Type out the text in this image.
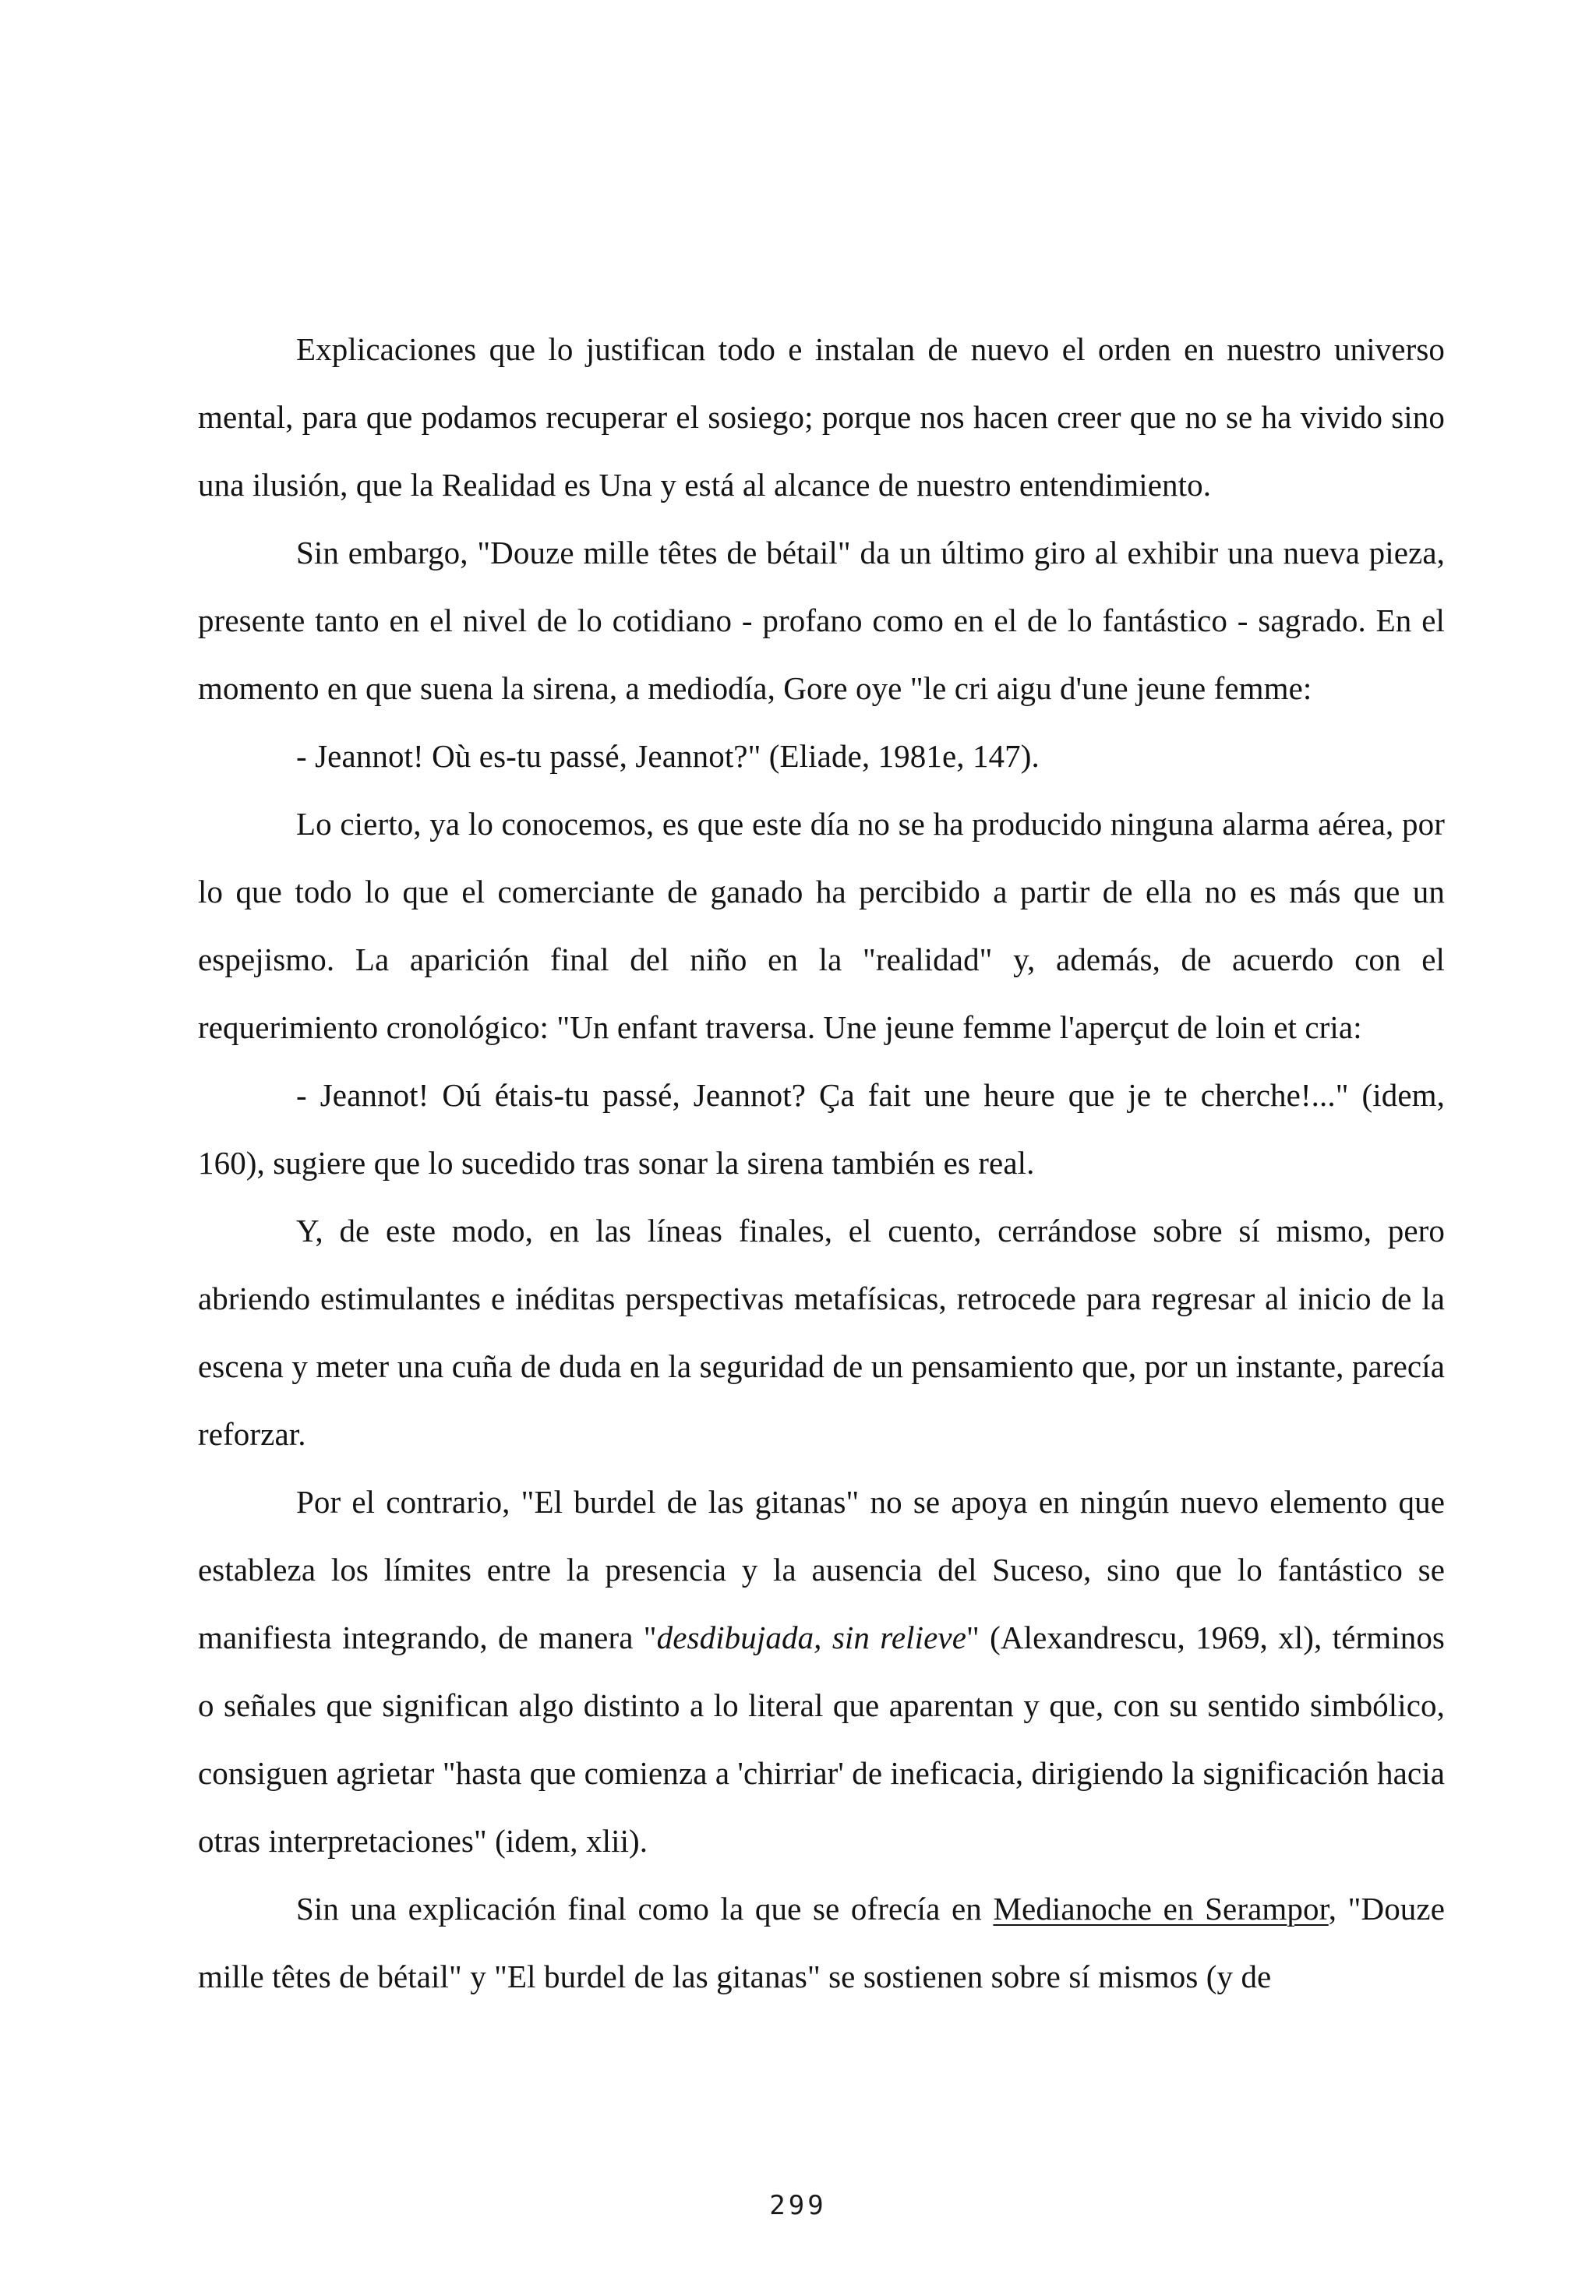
Explicaciones que lo justifican todo e instalan de nuevo el orden en nuestro universo mental, para que podamos recuperar el sosiego; porque nos hacen creer que no se ha vivido sino una ilusión, que la Realidad es Una y está al alcance de nuestro entendimiento.

Sin embargo, "Douze mille têtes de bétail" da un último giro al exhibir una nueva pieza, presente tanto en el nivel de lo cotidiano - profano como en el de lo fantástico - sagrado. En el momento en que suena la sirena, a mediodía, Gore oye "le cri aigu d'une jeune femme:

- Jeannot! Où es-tu passé, Jeannot?" (Eliade, 1981e, 147).

Lo cierto, ya lo conocemos, es que este día no se ha producido ninguna alarma aérea, por lo que todo lo que el comerciante de ganado ha percibido a partir de ella no es más que un espejismo. La aparición final del niño en la "realidad" y, además, de acuerdo con el requerimiento cronológico: "Un enfant traversa. Une jeune femme l'aperçut de loin et cria:

- Jeannot! Oú étais-tu passé, Jeannot? Ça fait une heure que je te cherche!..." (idem, 160), sugiere que lo sucedido tras sonar la sirena también es real.

Y, de este modo, en las líneas finales, el cuento, cerrándose sobre sí mismo, pero abriendo estimulantes e inéditas perspectivas metafísicas, retrocede para regresar al inicio de la escena y meter una cuña de duda en la seguridad de un pensamiento que, por un instante, parecía reforzar.

Por el contrario, "El burdel de las gitanas" no se apoya en ningún nuevo elemento que estableza los límites entre la presencia y la ausencia del Suceso, sino que lo fantástico se manifiesta integrando, de manera "desdibujada, sin relieve" (Alexandrescu, 1969, xl), términos o señales que significan algo distinto a lo literal que aparentan y que, con su sentido simbólico, consiguen agrietar "hasta que comienza a 'chirriar' de ineficacia, dirigiendo la significación hacia otras interpretaciones" (idem, xlii).

Sin una explicación final como la que se ofrecía en Medianoche en Serampor, "Douze mille têtes de bétail" y "El burdel de las gitanas" se sostienen sobre sí mismos (y de

299
